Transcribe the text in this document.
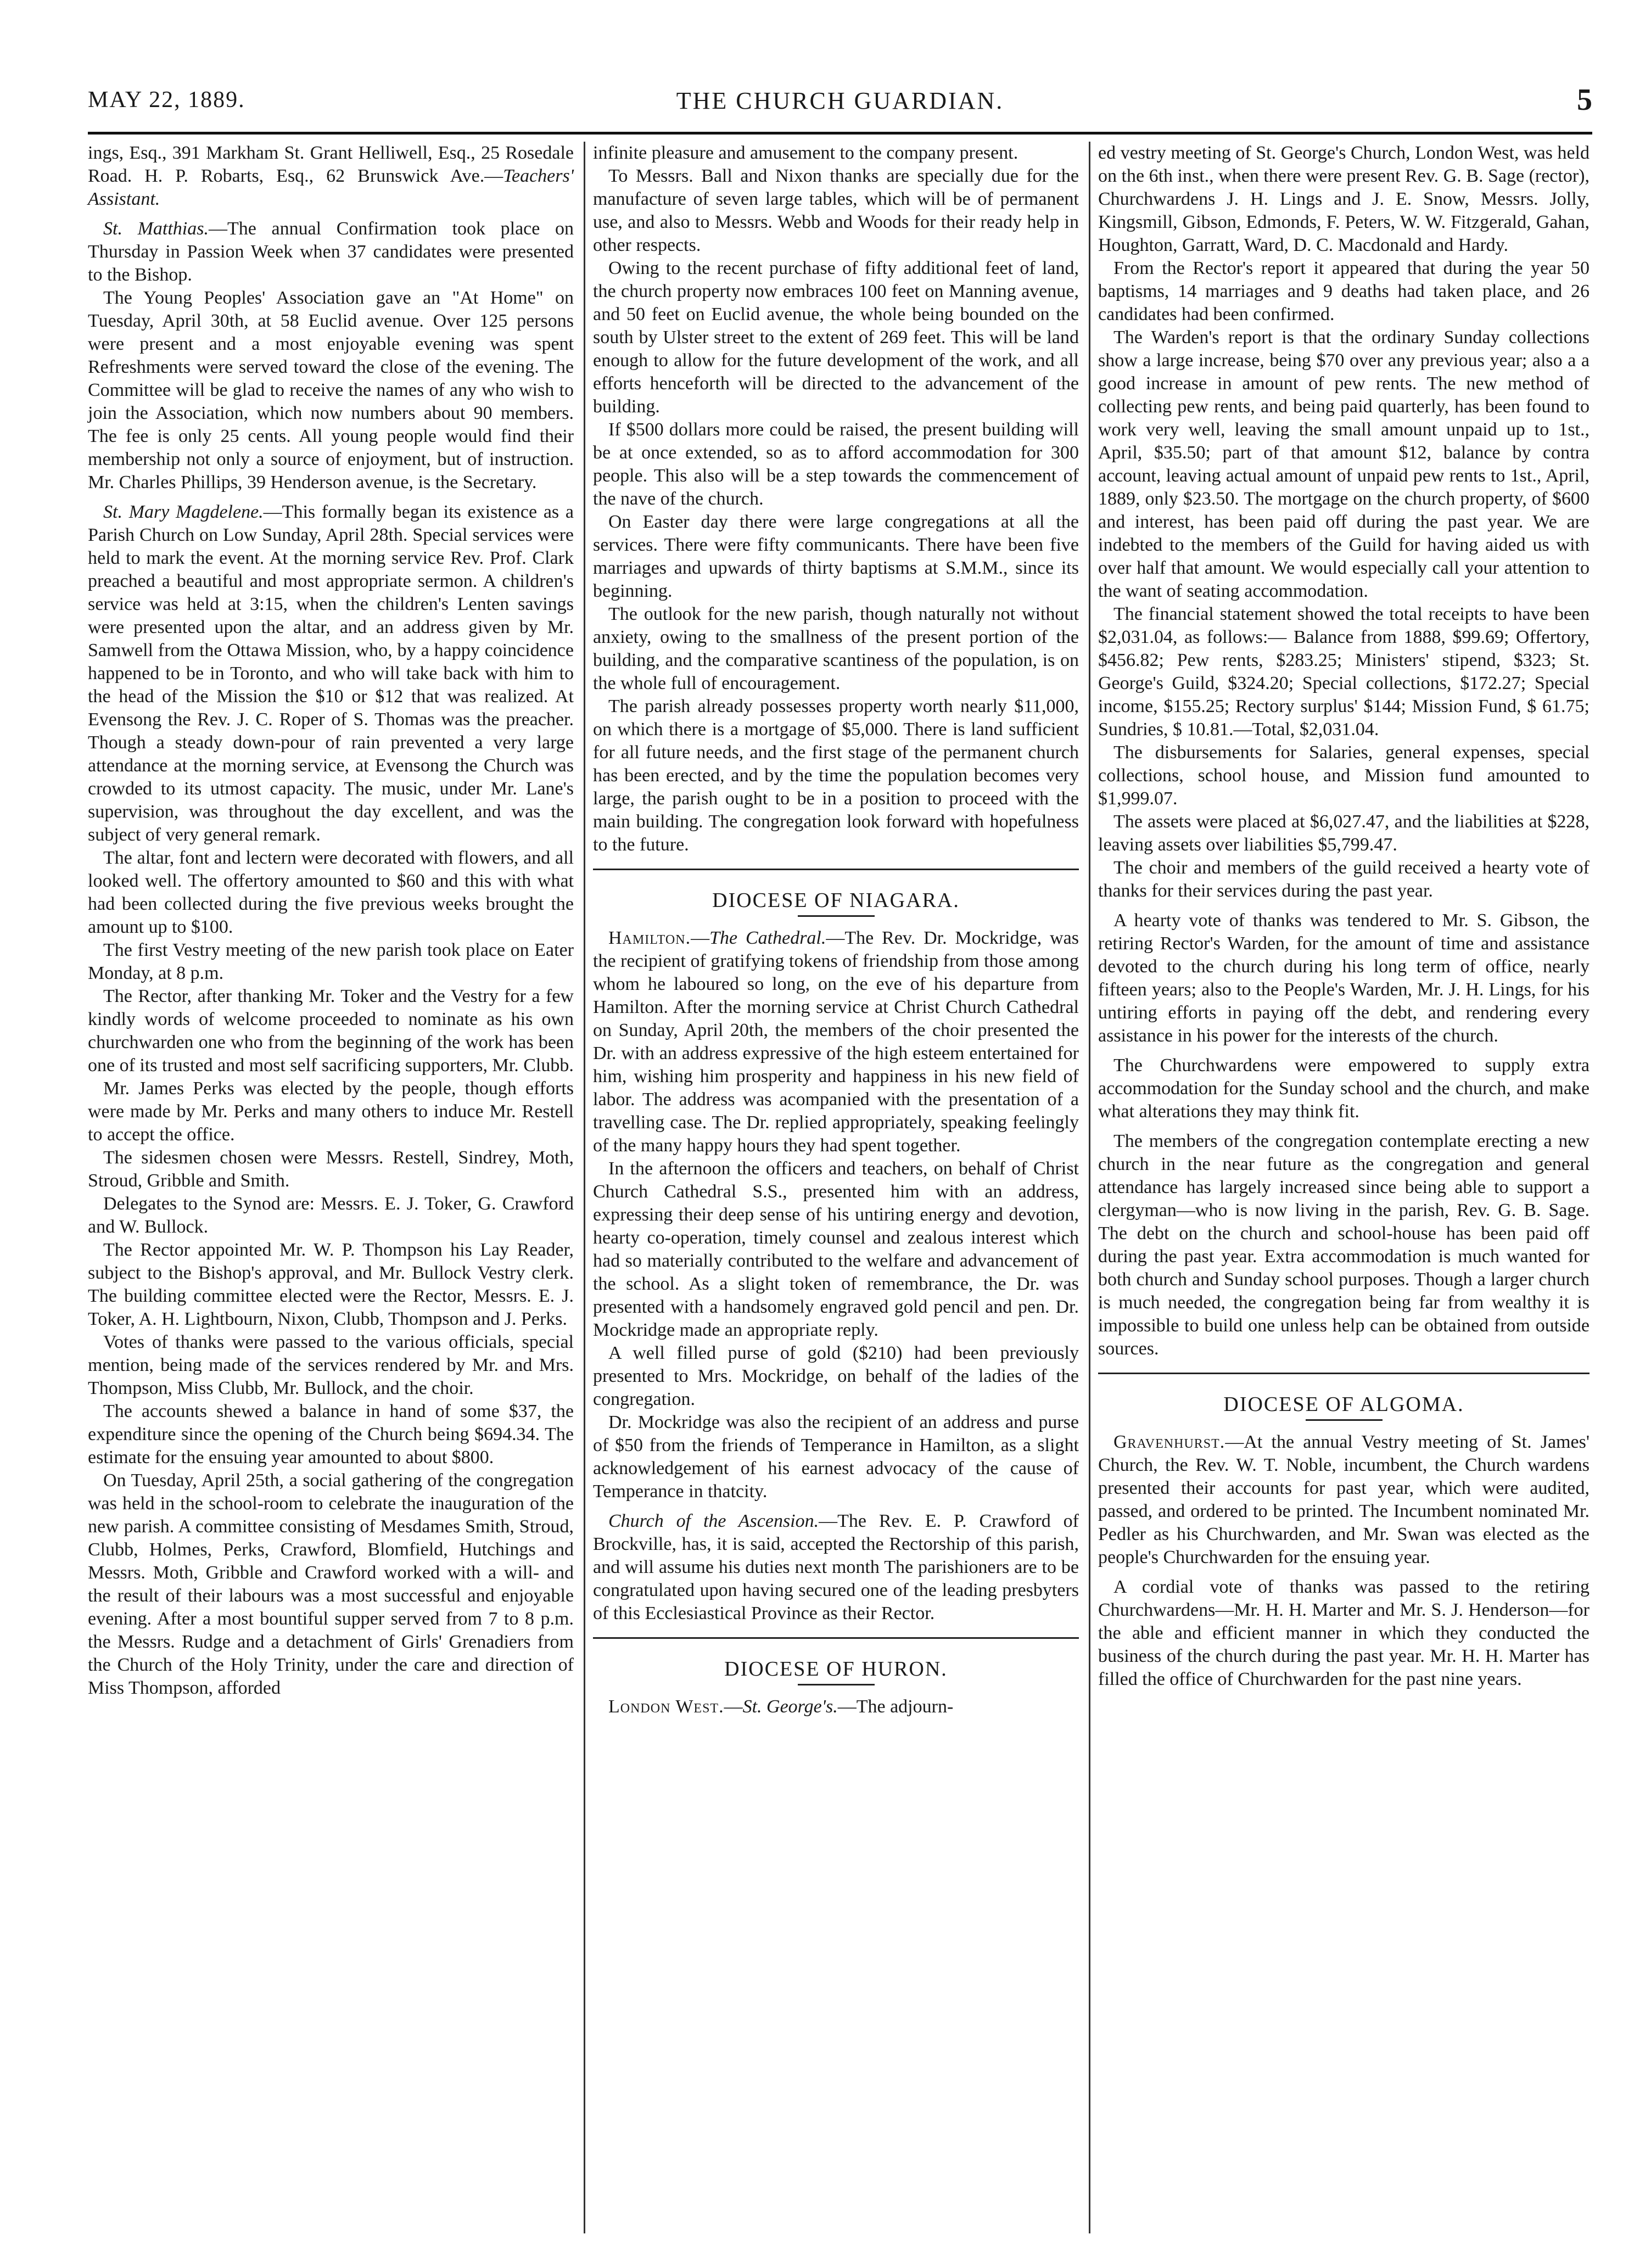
MAY 22, 1889.	THE CHURCH GUARDIAN.	5

ings, Esq., 391 Markham St. Grant Helliwell, Esq., 25 Rosedale Road. H. P. Robarts, Esq., 62 Brunswick Ave.—Teachers' Assistant.

St. Matthias.—The annual Confirmation took place on Thursday in Passion Week when 37 candidates were presented to the Bishop.

The Young Peoples' Association gave an "At Home" on Tuesday, April 30th, at 58 Euclid avenue. Over 125 persons were present and a most enjoyable evening was spent Refreshments were served toward the close of the evening. The Committee will be glad to receive the names of any who wish to join the Association, which now numbers about 90 members. The fee is only 25 cents. All young people would find their membership not only a source of enjoyment, but of instruction. Mr. Charles Phillips, 39 Henderson avenue, is the Secretary.

St. Mary Magdelene.—This formally began its existence as a Parish Church on Low Sunday, April 28th. Special services were held to mark the event. At the morning service Rev. Prof. Clark preached a beautiful and most appropriate sermon. A children's service was held at 3:15, when the children's Lenten savings were presented upon the altar, and an address given by Mr. Samwell from the Ottawa Mission, who, by a happy coincidence happened to be in Toronto, and who will take back with him to the head of the Mission the $10 or $12 that was realized. At Evensong the Rev. J. C. Roper of S. Thomas was the preacher. Though a steady down-pour of rain prevented a very large attendance at the morning service, at Evensong the Church was crowded to its utmost capacity. The music, under Mr. Lane's supervision, was throughout the day excellent, and was the subject of very general remark.

The altar, font and lectern were decorated with flowers, and all looked well. The offertory amounted to $60 and this with what had been collected during the five previous weeks brought the amount up to $100.

The first Vestry meeting of the new parish took place on Eater Monday, at 8 p.m.

The Rector, after thanking Mr. Toker and the Vestry for a few kindly words of welcome proceeded to nominate as his own churchwarden one who from the beginning of the work has been one of its trusted and most self sacrificing supporters, Mr. Clubb.

Mr. James Perks was elected by the people, though efforts were made by Mr. Perks and many others to induce Mr. Restell to accept the office.

The sidesmen chosen were Messrs. Restell, Sindrey, Moth, Stroud, Gribble and Smith.

Delegates to the Synod are: Messrs. E. J. Toker, G. Crawford and W. Bullock.

The Rector appointed Mr. W. P. Thompson his Lay Reader, subject to the Bishop's approval, and Mr. Bullock Vestry clerk. The building committee elected were the Rector, Messrs. E. J. Toker, A. H. Lightbourn, Nixon, Clubb, Thompson and J. Perks.

Votes of thanks were passed to the various officials, special mention, being made of the services rendered by Mr. and Mrs. Thompson, Miss Clubb, Mr. Bullock, and the choir.

The accounts shewed a balance in hand of some $37, the expenditure since the opening of the Church being $694.34. The estimate for the ensuing year amounted to about $800.

On Tuesday, April 25th, a social gathering of the congregation was held in the school-room to celebrate the inauguration of the new parish. A committee consisting of Mesdames Smith, Stroud, Clubb, Holmes, Perks, Crawford, Blomfield, Hutchings and Messrs. Moth, Gribble and Crawford worked with a will- and the result of their labours was a most successful and enjoyable evening. After a most bountiful supper served from 7 to 8 p.m. the Messrs. Rudge and a detachment of Girls' Grenadiers from the Church of the Holy Trinity, under the care and direction of Miss Thompson, afforded

infinite pleasure and amusement to the company present.

To Messrs. Ball and Nixon thanks are specially due for the manufacture of seven large tables, which will be of permanent use, and also to Messrs. Webb and Woods for their ready help in other respects.

Owing to the recent purchase of fifty additional feet of land, the church property now embraces 100 feet on Manning avenue, and 50 feet on Euclid avenue, the whole being bounded on the south by Ulster street to the extent of 269 feet. This will be land enough to allow for the future development of the work, and all efforts henceforth will be directed to the advancement of the building.

If $500 dollars more could be raised, the present building will be at once extended, so as to afford accommodation for 300 people. This also will be a step towards the commencement of the nave of the church.

On Easter day there were large congregations at all the services. There were fifty communicants. There have been five marriages and upwards of thirty baptisms at S.M.M., since its beginning.

The outlook for the new parish, though naturally not without anxiety, owing to the smallness of the present portion of the building, and the comparative scantiness of the population, is on the whole full of encouragement.

The parish already possesses property worth nearly $11,000, on which there is a mortgage of $5,000. There is land sufficient for all future needs, and the first stage of the permanent church has been erected, and by the time the population becomes very large, the parish ought to be in a position to proceed with the main building. The congregation look forward with hopefulness to the future.

DIOCESE OF NIAGARA.

Hamilton.—The Cathedral.—The Rev. Dr. Mockridge, was the recipient of gratifying tokens of friendship from those among whom he laboured so long, on the eve of his departure from Hamilton. After the morning service at Christ Church Cathedral on Sunday, April 20th, the members of the choir presented the Dr. with an address expressive of the high esteem entertained for him, wishing him prosperity and happiness in his new field of labor. The address was acompanied with the presentation of a travelling case. The Dr. replied appropriately, speaking feelingly of the many happy hours they had spent together.

In the afternoon the officers and teachers, on behalf of Christ Church Cathedral S.S., presented him with an address, expressing their deep sense of his untiring energy and devotion, hearty co-operation, timely counsel and zealous interest which had so materially contributed to the welfare and advancement of the school. As a slight token of remembrance, the Dr. was presented with a handsomely engraved gold pencil and pen. Dr. Mockridge made an appropriate reply.

A well filled purse of gold ($210) had been previously presented to Mrs. Mockridge, on behalf of the ladies of the congregation.

Dr. Mockridge was also the recipient of an address and purse of $50 from the friends of Temperance in Hamilton, as a slight acknowledgement of his earnest advocacy of the cause of Temperance in thatcity.

Church of the Ascension.—The Rev. E. P. Crawford of Brockville, has, it is said, accepted the Rectorship of this parish, and will assume his duties next month The parishioners are to be congratulated upon having secured one of the leading presbyters of this Ecclesiastical Province as their Rector.

DIOCESE OF HURON.

London West.—St. George's.—The adjourn-

ed vestry meeting of St. George's Church, London West, was held on the 6th inst., when there were present Rev. G. B. Sage (rector), Churchwardens J. H. Lings and J. E. Snow, Messrs. Jolly, Kingsmill, Gibson, Edmonds, F. Peters, W. W. Fitzgerald, Gahan, Houghton, Garratt, Ward, D. C. Macdonald and Hardy.

From the Rector's report it appeared that during the year 50 baptisms, 14 marriages and 9 deaths had taken place, and 26 candidates had been confirmed.

The Warden's report is that the ordinary Sunday collections show a large increase, being $70 over any previous year; also a a good increase in amount of pew rents. The new method of collecting pew rents, and being paid quarterly, has been found to work very well, leaving the small amount unpaid up to 1st., April, $35.50; part of that amount $12, balance by contra account, leaving actual amount of unpaid pew rents to 1st., April, 1889, only $23.50. The mortgage on the church property, of $600 and interest, has been paid off during the past year. We are indebted to the members of the Guild for having aided us with over half that amount. We would especially call your attention to the want of seating accommodation.

The financial statement showed the total receipts to have been $2,031.04, as follows:— Balance from 1888, $99.69; Offertory, $456.82; Pew rents, $283.25; Ministers' stipend, $323; St. George's Guild, $324.20; Special collections, $172.27; Special income, $155.25; Rectory surplus' $144; Mission Fund, $ 61.75; Sundries, $ 10.81.—Total, $2,031.04.

The disbursements for Salaries, general expenses, special collections, school house, and Mission fund amounted to $1,999.07.

The assets were placed at $6,027.47, and the liabilities at $228, leaving assets over liabilities $5,799.47.

The choir and members of the guild received a hearty vote of thanks for their services during the past year.

A hearty vote of thanks was tendered to Mr. S. Gibson, the retiring Rector's Warden, for the amount of time and assistance devoted to the church during his long term of office, nearly fifteen years; also to the People's Warden, Mr. J. H. Lings, for his untiring efforts in paying off the debt, and rendering every assistance in his power for the interests of the church.

The Churchwardens were empowered to supply extra accommodation for the Sunday school and the church, and make what alterations they may think fit.

The members of the congregation contemplate erecting a new church in the near future as the congregation and general attendance has largely increased since being able to support a clergyman—who is now living in the parish, Rev. G. B. Sage. The debt on the church and school-house has been paid off during the past year. Extra accommodation is much wanted for both church and Sunday school purposes. Though a larger church is much needed, the congregation being far from wealthy it is impossible to build one unless help can be obtained from outside sources.

DIOCESE OF ALGOMA.

Gravenhurst.—At the annual Vestry meeting of St. James' Church, the Rev. W. T. Noble, incumbent, the Church wardens presented their accounts for past year, which were audited, passed, and ordered to be printed. The Incumbent nominated Mr. Pedler as his Churchwarden, and Mr. Swan was elected as the people's Churchwarden for the ensuing year.

A cordial vote of thanks was passed to the retiring Churchwardens—Mr. H. H. Marter and Mr. S. J. Henderson—for the able and efficient manner in which they conducted the business of the church during the past year. Mr. H. H. Marter has filled the office of Churchwarden for the past nine years.
